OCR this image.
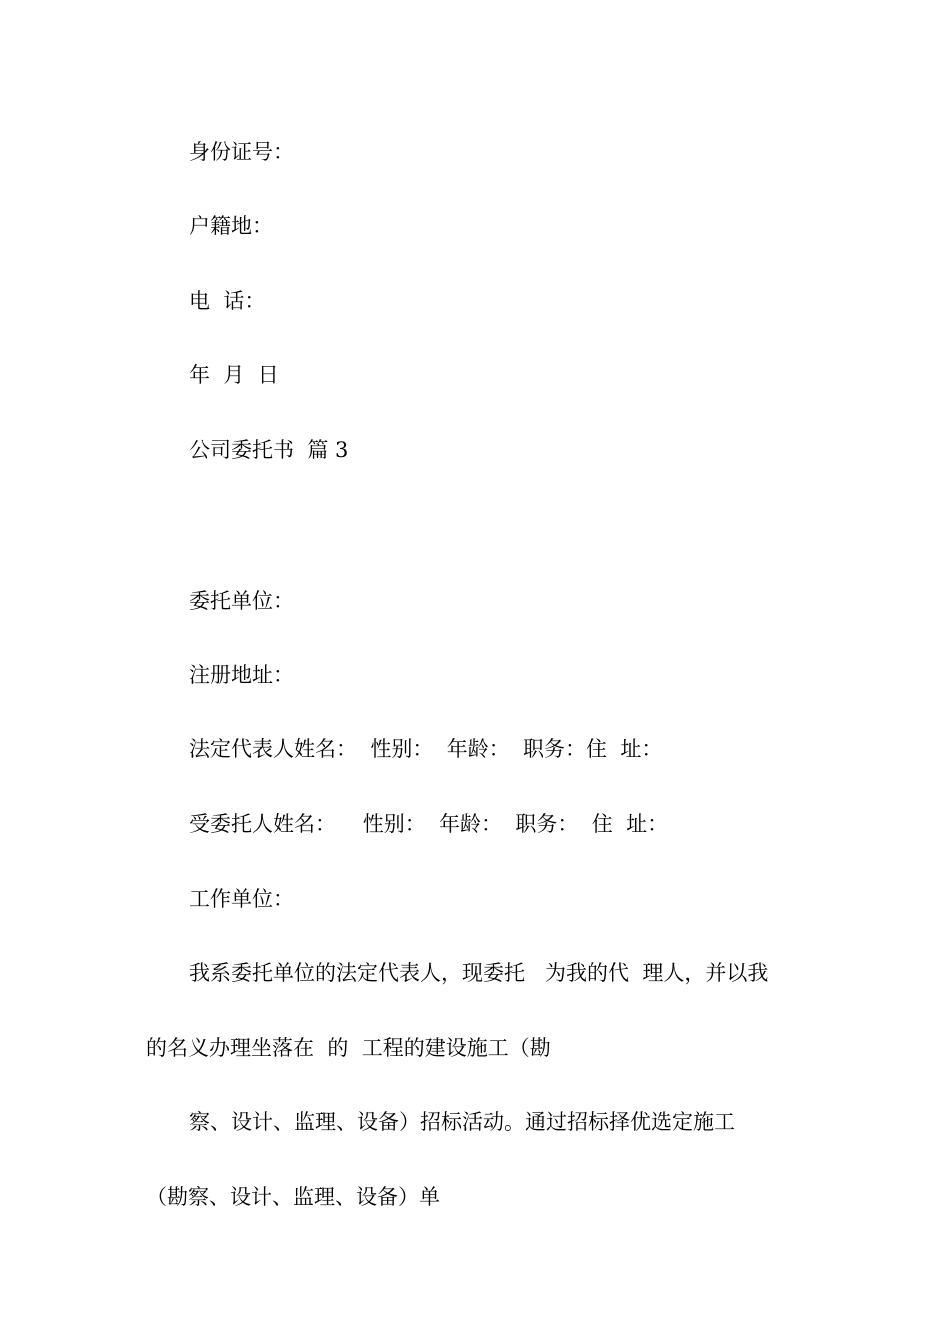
身份证号：

户籍地：

电  话：

年  月  日

公司委托书  篇 3

委托单位：

注册地址：

法定代表人姓名：  性别：  年龄：  职务：住  址：

受委托人姓名：    性别：  年龄：  职务：  住  址：

工作单位：

我系委托单位的法定代表人，现委托   为我的代  理人，并以我

的名义办理坐落在  的  工程的建设施工（勘

察、设计、监理、设备）招标活动。通过招标择优选定施工

（勘察、设计、监理、设备）单
